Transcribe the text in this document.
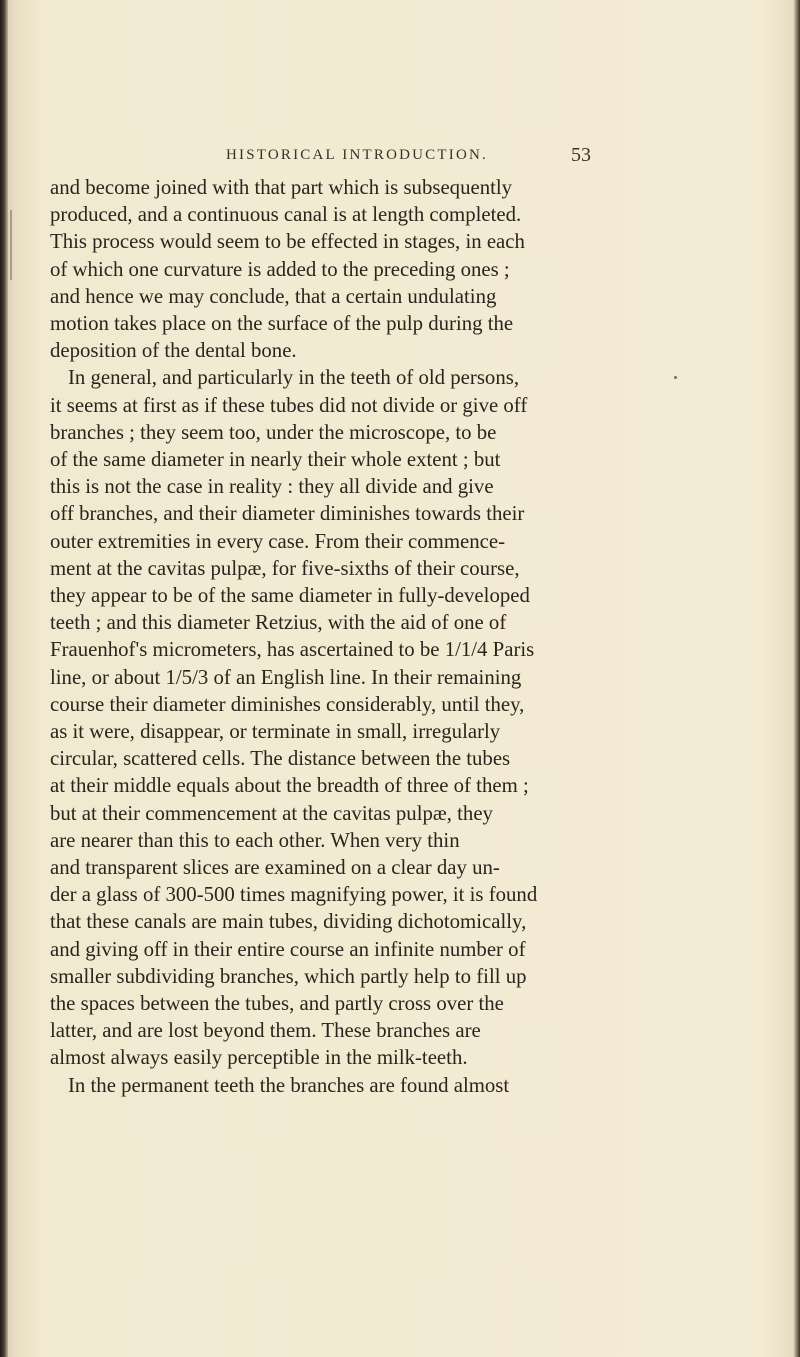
HISTORICAL INTRODUCTION.	53
and become joined with that part which is subsequently
produced, and a continuous canal is at length completed.
This process would seem to be effected in stages, in each
of which one curvature is added to the preceding ones ;
and hence we may conclude, that a certain undulating
motion takes place on the surface of the pulp during the
deposition of the dental bone.
In general, and particularly in the teeth of old persons,
it seems at first as if these tubes did not divide or give off
branches ; they seem too, under the microscope, to be
of the same diameter in nearly their whole extent ; but
this is not the case in reality : they all divide and give
off branches, and their diameter diminishes towards their
outer extremities in every case. From their commence-
ment at the cavitas pulpæ, for five-sixths of their course,
they appear to be of the same diameter in fully-developed
teeth ; and this diameter Retzius, with the aid of one of
Frauenhof's micrometers, has ascertained to be 1/1/4 Paris
line, or about 1/5/3 of an English line. In their remaining
course their diameter diminishes considerably, until they,
as it were, disappear, or terminate in small, irregularly
circular, scattered cells. The distance between the tubes
at their middle equals about the breadth of three of them ;
but at their commencement at the cavitas pulpæ, they
are nearer than this to each other. When very thin
and transparent slices are examined on a clear day un-
der a glass of 300-500 times magnifying power, it is found
that these canals are main tubes, dividing dichotomically,
and giving off in their entire course an infinite number of
smaller subdividing branches, which partly help to fill up
the spaces between the tubes, and partly cross over the
latter, and are lost beyond them. These branches are
almost always easily perceptible in the milk-teeth.
In the permanent teeth the branches are found almost
